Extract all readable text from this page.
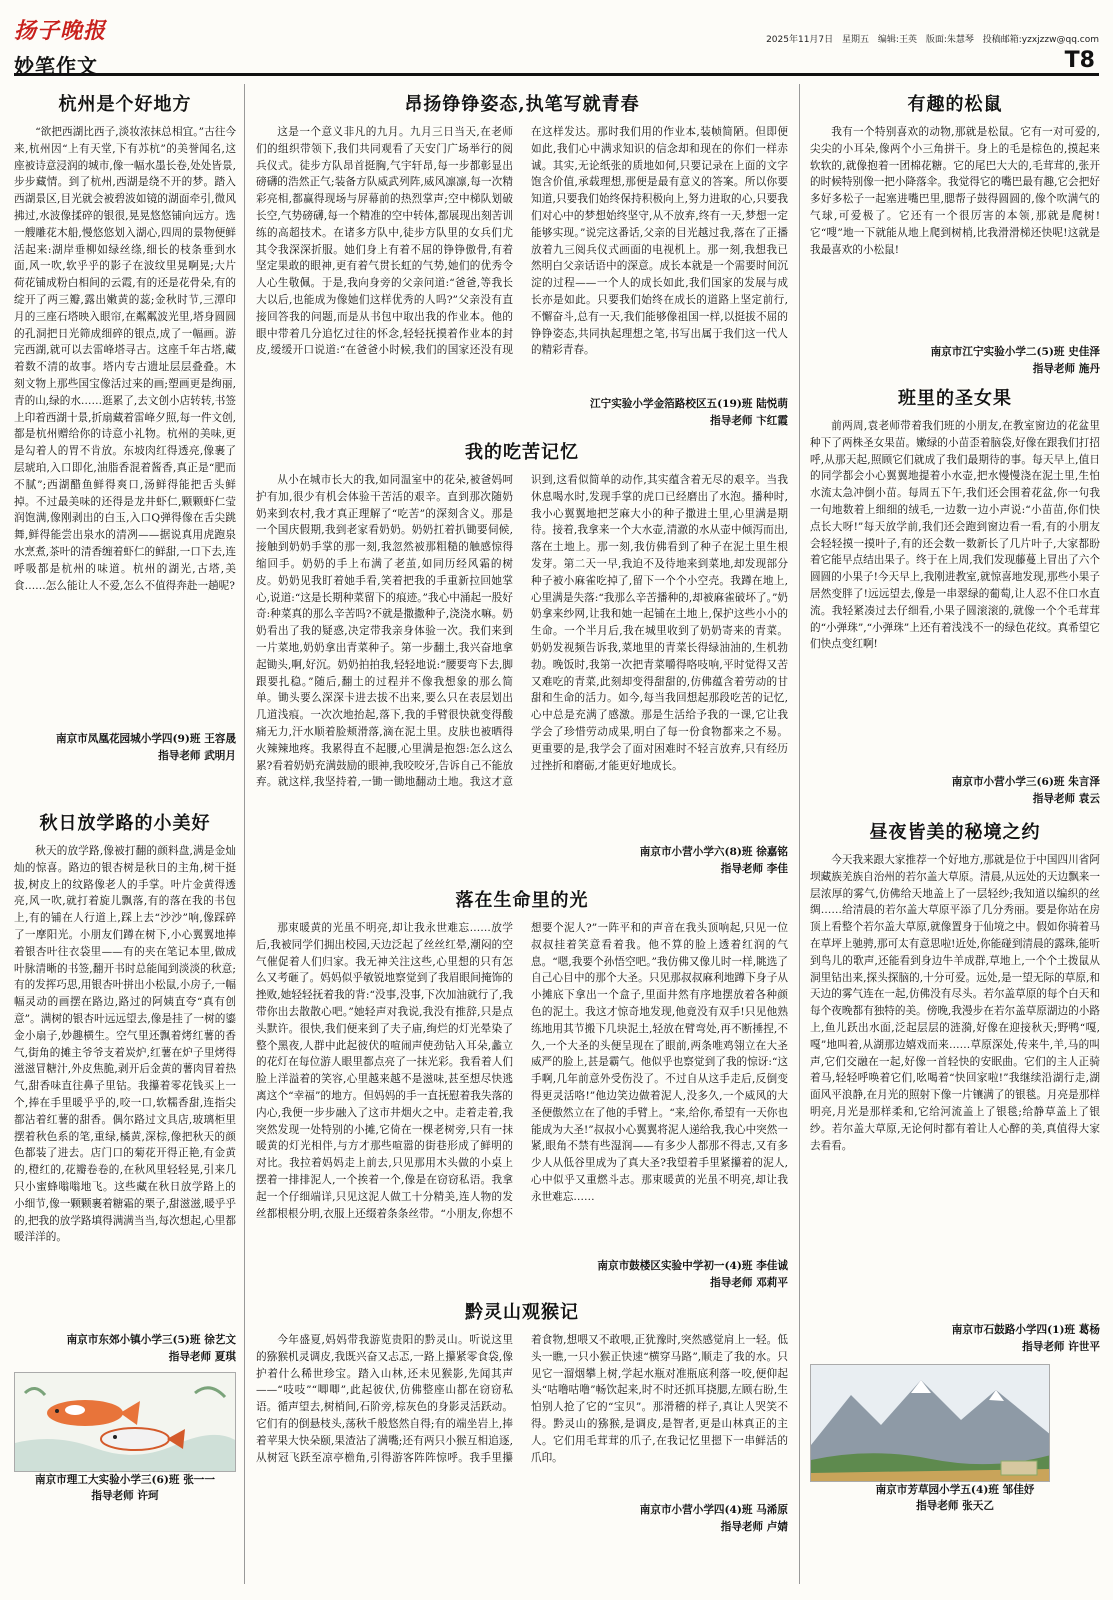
扬子晚报	2025年11月7日 星期五 编辑:王英 版面:朱慧琴 投稿邮箱:yzxjzzw@qq.com
妙笔作文	T8
杭州是个好地方

“欲把西湖比西子,淡妆浓抹总相宜。”古往今来,杭州因“上有天堂,下有苏杭”的美誉闻名,这座被诗意浸润的城市,像一幅水墨长卷,处处皆景,步步藏情。到了杭州,西湖是绕不开的梦。踏入西湖景区,目光就会被碧波如镜的湖面牵引,微风拂过,水波像揉碎的银很,晃晃悠悠铺向远方。选一艘雕花木船,慢悠悠划入湖心,四周的景物便鲜活起来:湖岸垂柳如绿丝绦,细长的枝条垂到水面,风一吹,软乎乎的影子在波纹里晃啊晃;大片荷花铺成粉白相间的云霞,有的还是花骨朵,有的绽开了两三瓣,露出嫩黄的蕊;金秋时节,三潭印月的三座石塔映入眼帘,在粼粼波光里,塔身圆圆的孔洞把日光筛成细碎的银点,成了一幅画。游完西湖,就可以去雷峰塔寻古。这座千年古塔,藏着数不清的故事。塔内专古遗址层层叠叠。木刻文物上那些国宝像活过来的画;塑画更是绚丽,青的山,绿的水……逛累了,去文创小店转转,书签上印着西湖十景,折扇藏着雷峰夕照,每一件文创,都是杭州赠给你的诗意小礼物。杭州的美味,更是勾着人的胃不肯放。东坡肉红得透亮,像裹了层琥珀,入口即化,油脂香混着酱香,真正是“肥而不腻”;西湖醋鱼鲜得爽口,汤鲜得能把舌头鲜掉。不过最美味的还得是龙井虾仁,颗颗虾仁莹润饱满,像刚剥出的白玉,入口Q弹得像在舌尖跳舞,鲜得能尝出泉水的清冽——据说真用虎跑泉水烹煮,茶叶的清香缠着虾仁的鲜甜,一口下去,连呼吸都是杭州的味道。杭州的湖光,古塔,美食……怎么能让人不爱,怎么不值得奔赴一趟呢?

南京市凤凰花园城小学四(9)班 王容晟
指导老师 武明月
秋日放学路的小美好

秋天的放学路,像被打翻的颜料盘,满是金灿灿的惊喜。路边的银杏树是秋日的主角,树干挺拔,树皮上的纹路像老人的手掌。叶片金黄得透亮,风一吹,就打着旋儿飘落,有的落在我的书包上,有的铺在人行道上,踩上去“沙沙”响,像踩碎了一摩阳光。小朋友们蹲在树下,小心翼翼地捧着银杏叶往衣袋里——有的夹在笔记本里,做成叶脉清晰的书签,翻开书时总能闻到淡淡的秋意;有的发挥巧思,用银杏叶拼出小松鼠,小房子,一幅幅灵动的画摆在路边,路过的阿姨直夸“真有创意”。满树的银杏叶远远望去,像是挂了一树的鎏金小扇子,妙趣横生。空气里还飘着烤红薯的香气,街角的摊主爷爷支着炭炉,红薯在炉子里烤得滋滋冒糖汁,外皮焦脆,剥开后金黄的薯肉冒着热气,甜香味直往鼻子里钻。我攥着零花钱买上一个,捧在手里暖乎乎的,咬一口,软糯香甜,连指尖都沾着红薯的甜香。偶尔路过文具店,玻璃柜里摆着秋色系的笔,重绿,橘黄,深棕,像把秋天的颜色都装了进去。店门口的菊花开得正艳,有金黄的,橙红的,花瓣卷卷的,在秋风里轻轻晃,引来几只小蜜蜂嗡嗡地飞。这些藏在秋日放学路上的小细节,像一颗颗裹着糖霜的栗子,甜滋滋,暖乎乎的,把我的放学路填得满满当当,每次想起,心里都暖洋洋的。

南京市东郊小镇小学三(5)班 徐艺文
指导老师 夏琪
南京市理工大实验小学三(6)班 张一一
指导老师 许珂
昂扬铮铮姿态,执笔写就青春

这是一个意义非凡的九月。九月三日当天,在老师们的组织带领下,我们共同观看了天安门广场举行的阅兵仪式。徒步方队昂首挺胸,气宇轩昂,每一步都彰显出磅礴的浩然正气;装备方队威武列阵,威风凛凛,每一次精彩亮相,都赢得现场与屏幕前的热烈掌声;空中梯队划破长空,气势磅礴,每一个精准的空中转体,都展现出刻苦训练的高超技术。在诸多方队中,徒步方队里的女兵们尤其令我深深折服。她们身上有着不屈的铮铮傲骨,有着坚定果敢的眼神,更有着气贯长虹的气势,她们的优秀令人心生敬佩。于是,我向身旁的父亲问道:“爸爸,等我长大以后,也能成为像她们这样优秀的人吗?”父亲没有直接回答我的问题,而是从书包中取出我的作业本。他的眼中带着几分追忆过往的怀念,轻轻抚摸着作业本的封皮,缓缓开口说道:“在爸爸小时候,我们的国家还没有现在这样发达。那时我们用的作业本,装帧简陋。但即便如此,我们心中满求知识的信念却和现在的你们一样赤诚。其实,无论纸张的质地如何,只要记录在上面的文字饱含价值,承载理想,那便是最有意义的答案。所以你要知道,只要我们始终保持积极向上,努力进取的心,只要我们对心中的梦想始终坚守,从不放弃,终有一天,梦想一定能够实现。”说完这番话,父亲的目光越过我,落在了正播放着九三阅兵仪式画面的电视机上。那一刻,我想我已然明白父亲话语中的深意。成长本就是一个需要时间沉淀的过程——一个人的成长如此,我们国家的发展与成长亦是如此。只要我们始终在成长的道路上坚定前行,不懈奋斗,总有一天,我们能够像祖国一样,以挺拔不屈的铮铮姿态,共同执起理想之笔,书写出属于我们这一代人的精彩青春。

江宁实验小学金箔路校区五(19)班 陆悦萌
指导老师 卞红霞
我的吃苦记忆

从小在城市长大的我,如同温室中的花朵,被爸妈呵护有加,很少有机会体验干苦活的艰辛。直到那次随奶奶来到农村,我才真正理解了“吃苦”的深刻含义。那是一个国庆假期,我到老家看奶奶。奶奶扛着扒锄要伺候,接触到奶奶手掌的那一刻,我忽然被那粗糙的触感惊得缩回手。奶奶的手上布满了老茧,如同历经风霜的树皮。奶奶见我盯着她手看,笑着把我的手重新拉回她掌心,说道:“这是长期种菜留下的痕迹。”我心中涌起一股好奇:种菜真的那么辛苦吗?不就是撒撒种子,浇浇水嘛。奶奶看出了我的疑惑,决定带我亲身体验一次。我们来到一片菜地,奶奶拿出青菜种子。第一步翻土,我兴奋地拿起锄头,啊,好沉。奶奶拍拍我,轻轻地说:“腰要弯下去,脚跟要扎稳。”随后,翻土的过程并不像我想象的那么简单。锄头要么深深卡进去拔不出来,要么只在表层划出几道浅痕。一次次地抬起,落下,我的手臂很快就变得酸痛无力,汗水顺着脸颊滑落,滴在泥土里。皮肤也被晒得火辣辣地疼。我累得直不起腰,心里满是抱怨:怎么这么累?看着奶奶充满鼓励的眼神,我咬咬牙,告诉自己不能放弃。就这样,我坚持着,一锄一锄地翻动土地。我这才意识到,这看似简单的动作,其实蕴含着无尽的艰辛。当我休息喝水时,发现手掌的虎口已经磨出了水泡。播种时,我小心翼翼地把芝麻大小的种子撒进土里,心里满是期待。接着,我拿来一个大水壶,清澈的水从壶中倾泻而出,落在土地上。那一刻,我仿佛看到了种子在泥土里生根发芽。第二天一早,我迫不及待地来到菜地,却发现部分种子被小麻雀吃掉了,留下一个个小空壳。我蹲在地上,心里满是失落:“我那么辛苦播种的,却被麻雀破坏了。”奶奶拿来纱网,让我和她一起铺在土地上,保护这些小小的生命。一个半月后,我在城里收到了奶奶寄来的青菜。奶奶发视频告诉我,菜地里的青菜长得绿油油的,生机勃勃。晚饭时,我第一次把青菜嚼得咯吱响,平时觉得又苦又难吃的青菜,此刻却变得甜甜的,仿佛蕴含着劳动的甘甜和生命的活力。如今,每当我回想起那段吃苦的记忆,心中总是充满了感激。那是生活给予我的一课,它让我学会了珍惜劳动成果,明白了每一份食物都来之不易。更重要的是,我学会了面对困难时不轻言放弃,只有经历过挫折和磨砺,才能更好地成长。

南京市小营小学六(8)班 徐嘉铭
指导老师 李佳
落在生命里的光

那束暖黄的光虽不明亮,却让我永世难忘……放学后,我被同学们拥出校园,天边泛起了丝丝红晕,潮闷的空气催促着人们归家。我无神关注这些,心里想的只有怎么又考砸了。妈妈似乎敏锐地察觉到了我眉眼间掩饰的挫败,她轻轻抚着我的背:“没事,没事,下次加油就行了,我带你出去散散心吧。”她轻声对我说,我没有推辞,只是点头默许。很快,我们便来到了夫子庙,绚烂的灯光晕染了整个黑夜,人群中此起彼伏的喧闹声使劲钻入耳朵,蠡立的花灯在每位游人眼里都点亮了一抹光彩。我看着人们脸上洋溢着的笑容,心里越来越不是滋味,甚至想尽快逃离这个“幸福”的地方。但妈妈的手一直抚慰着我失落的内心,我便一步步融入了这市井烟火之中。走着走着,我突然发现一处特别的小摊,它倚在一棵老树旁,只有一抹暖黄的灯光相伴,与方才那些喧嚣的街巷形成了鲜明的对比。我拉着妈妈走上前去,只见那用木头做的小桌上摆着一排排泥人,一个挨着一个,像是在窃窃私语。我拿起一个仔细端详,只见这泥人做工十分精美,连人物的发丝都根根分明,衣服上还缀着条条丝带。“小朋友,你想不想要个泥人?”一阵平和的声音在我头顶响起,只见一位叔叔挂着笑意看着我。他不算的脸上透着红润的气息。“嗯,我要个孙悟空吧。”我仿佛又像儿时一样,眺选了自己心目中的那个大圣。只见那叔叔麻利地蹲下身子从小摊底下拿出一个盒子,里面井然有序地摆放着各种颜色的泥土。我这才惊奇地发现,他竟没有双手!只见他熟练地用其节搬下几块泥土,轻放在臂弯处,再不断捶捏,不久,一个大圣的头便呈现在了眼前,两条唯鸡翎立在大圣威严的脸上,甚是霸气。他似乎也察觉到了我的惊讶:“这手啊,几年前意外受伤没了。不过自从这手走后,反倒变得更灵活咯!”他边笑边做着泥人,没多久,一个威风的大圣便傲然立在了他的手臂上。“来,给你,希望有一天你也能成为大圣!”叔叔小心翼翼将泥人递给我,我心中突然一紧,眼角不禁有些湿润——有多少人都那不得志,又有多少人从低谷里成为了真大圣?我望着手里紧攥着的泥人,心中似乎又重燃斗志。那束暖黄的光虽不明亮,却让我永世难忘……

南京市鼓楼区实验中学初一(4)班 李佳诚
指导老师 邓莉平
黔灵山观猴记

今年盛夏,妈妈带我游览贵阳的黔灵山。听说这里的猕猴机灵调皮,我既兴奋又忐忑,一路上攥紧零食袋,像护着什么稀世珍宝。踏入山林,还未见猴影,先闻其声——“吱吱”“唧唧”,此起彼伏,仿佛整座山都在窃窃私语。循声望去,树梢间,石阶旁,棕灰色的身影灵活跃动。它们有的倒悬枝头,荡秋千般悠然自得;有的端坐岩上,捧着苹果大快朵颐,果渣沾了满嘴;还有两只小猴互相追逐,从树冠飞跃至凉亭檐角,引得游客阵阵惊呼。我手里攥着食物,想喂又不敢喂,正犹豫时,突然感觉肩上一轻。低头一瞧,一只小猴正快速“横穿马路”,顺走了我的水。只见它一溜烟攀上树,学起水瓶对准瓶底利落一咬,便仰起头“咕噜咕噜”畅饮起来,时不时还抓耳挠腮,左顾右盼,生怕别人抢了它的“宝贝”。那滑稽的样子,真让人哭笑不得。黔灵山的猕猴,是调皮,是智者,更是山林真正的主人。它们用毛茸茸的爪子,在我记忆里摁下一串鲜活的爪印。

南京市小营小学四(4)班 马浠原
指导老师 卢婧
有趣的松鼠

我有一个特别喜欢的动物,那就是松鼠。它有一对可爱的,尖尖的小耳朵,像两个小三角拼干。身上的毛是棕色的,摸起来软软的,就像抱着一团棉花糖。它的尾巴大大的,毛茸茸的,张开的时候特别像一把小降落伞。我觉得它的嘴巴最有趣,它会把好多好多松子一起塞进嘴巴里,腮帮子鼓得圆圆的,像个吹满气的气球,可爱极了。它还有一个很厉害的本领,那就是爬树!它“嗖”地一下就能从地上爬到树梢,比我滑滑梯还快呢!这就是我最喜欢的小松鼠!

南京市江宁实验小学二(5)班 史佳泽
指导老师 施丹
班里的圣女果

前两周,袁老师带着我们班的小朋友,在教室窗边的花盆里种下了两株圣女果苗。嫩绿的小苗歪着脑袋,好像在跟我们打招呼,从那天起,照顾它们就成了我们最期待的事。每天早上,值日的同学都会小心翼翼地提着小水壶,把水慢慢浇在泥土里,生怕水流太急冲倒小苗。每周五下午,我们还会围着花盆,你一句我一句地数着上细细的绒毛,一边数一边小声说:“小苗苗,你们快点长大呀!”每天放学前,我们还会跑到窗边看一看,有的小朋友会轻轻摸一摸叶子,有的还会数一数新长了几片叶子,大家都盼着它能早点结出果子。终于在上周,我们发现藤蔓上冒出了六个圆圆的小果子!今天早上,我刚进教室,就惊喜地发现,那些小果子居然变胖了!远远望去,像是一串翠绿的葡萄,让人忍不住口水直流。我轻紧凑过去仔细看,小果子圆滚滚的,就像一个个毛茸茸的“小弹珠”,“小弹珠”上还有着浅浅不一的绿色花纹。真希望它们快点变红啊!

南京市小营小学三(6)班 朱言泽
指导老师 袁云
昼夜皆美的秘境之约

今天我来跟大家推荐一个好地方,那就是位于中国四川省阿坝藏族羌族自治州的若尔盖大草原。清晨,从远处的天边飘来一层浓厚的雾气,仿佛给天地盖上了一层轻纱;我知道以编织的丝绸……给清晨的若尔盖大草原平添了几分秀丽。要是你站在房顶上看整个若尔盖大草原,就像置身于仙境之中。假如你骑着马在草坪上驰骋,那可太有意思啦!近处,你能碰到清晨的露珠,能听到鸟儿的歌声,还能看到身边牛羊成群,草地上,一个个土拨鼠从洞里钻出来,探头探脑的,十分可爱。远处,是一望无际的草原,和天边的雾气连在一起,仿佛没有尽头。若尔盖草原的每个白天和每个夜晚都有独特的美。傍晚,我漫步在若尔盖草原湖边的小路上,鱼儿跃出水面,泛起层层的涟漪,好像在迎接秋天;野鸭“嘎,嘎”地叫着,从湖那边嬉戏而来……草原深处,传来牛,羊,马的叫声,它们交融在一起,好像一首轻快的安眠曲。它们的主人正骑着马,轻轻呼唤着它们,吆喝着“快回家啦!”我继续沿湖行走,湖面风平浪静,在月光的照射下像一片镶满了的银毯。月亮是那样明亮,月光是那样柔和,它给河流盖上了银毯;给静草盖上了银纱。若尔盖大草原,无论何时都有着让人心醉的美,真值得大家去看看。

南京市石鼓路小学四(1)班 葛杨
指导老师 许世平
南京市芳草园小学五(4)班 邹佳妤
指导老师 张天乙
